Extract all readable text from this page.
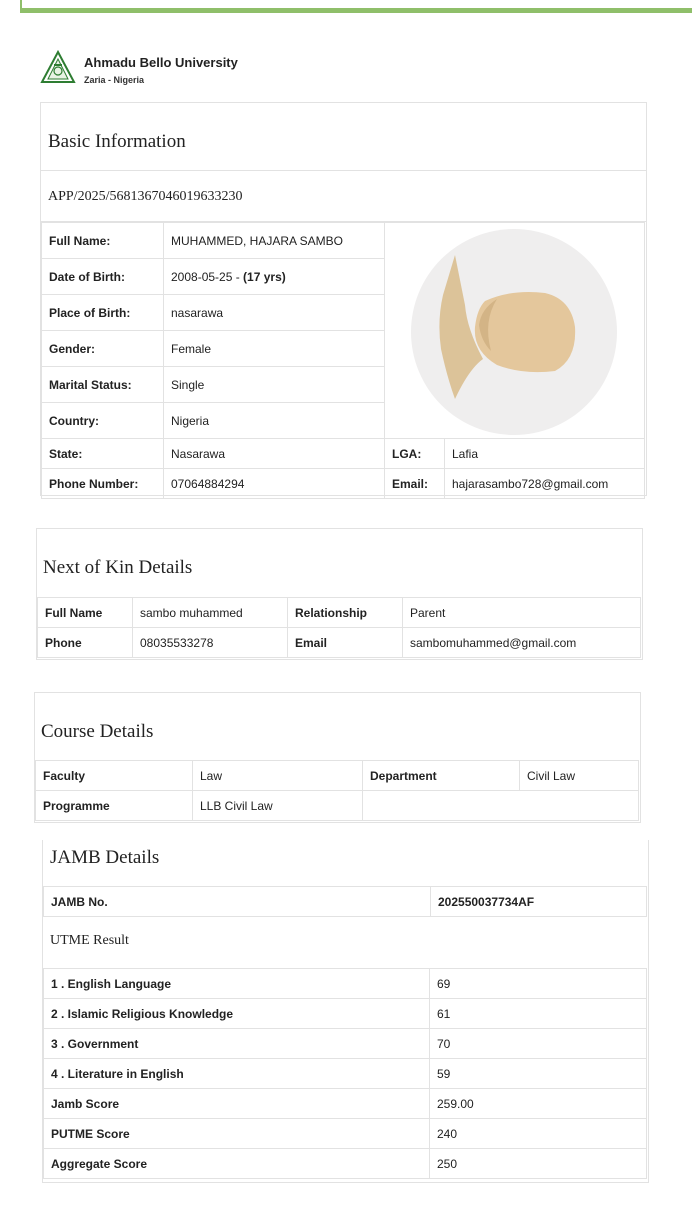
Ahmadu Bello University
Zaria - Nigeria
Basic Information
APP/2025/5681367046019633230
Full Name:	MUHAMMED, HAJARA SAMBO	

Date of Birth:	2008-05-25 - (17 yrs)		
Place of Birth:	nasarawa		
Gender:	Female		
Marital Status:	Single		
Country:	Nigeria		
State:	Nasarawa	LGA:	Lafia
Phone Number:	07064884294	Email:	hajarasambo728@gmail.com
Next of Kin Details
Full Name	sambo muhammed	Relationship	Parent
Phone	08035533278	Email	sambomuhammed@gmail.com
Course Details
Faculty	Law	Department	Civil Law
Programme	LLB Civil Law		
JAMB Details
JAMB No.	202550037734AF
UTME Result
1 . English Language	69
2 . Islamic Religious Knowledge	61
3 . Government	70
4 . Literature in English	59
Jamb Score	259.00
PUTME Score	240
Aggregate Score	250
